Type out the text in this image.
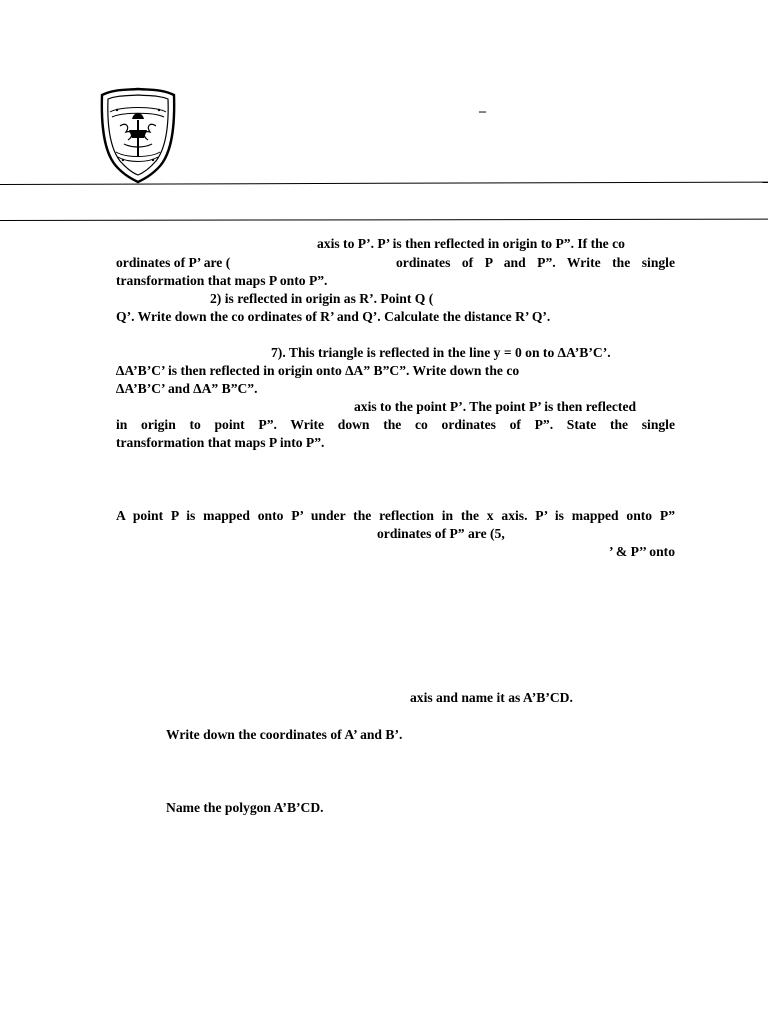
–
axis to P’. P’ is then reflected in origin to P”. If the co
ordinates of P’ are (	ordinates of P and P”. Write the single
transformation that maps P onto P”.
2) is reflected in origin as R’. Point Q (
Q’. Write down the co ordinates of R’ and Q’. Calculate the distance R’ Q’.
7). This triangle is reflected in the line y = 0 on to ∆A’B’C’.
∆A’B’C’ is then reflected in origin onto ∆A” B”C”. Write down the co
∆A’B’C’ and ∆A” B”C”.
axis to the point P’. The point P’ is then reflected
in origin to point P”. Write down the co ordinates of P”. State the single
transformation that maps P into P”.
A point P is mapped onto P’ under the reflection in the x axis. P’ is mapped onto P”
ordinates of P” are (5,
’ & P’’ onto
axis and name it as A’B’CD.
Write down the coordinates of A’ and B’.
Name the polygon A’B’CD.
